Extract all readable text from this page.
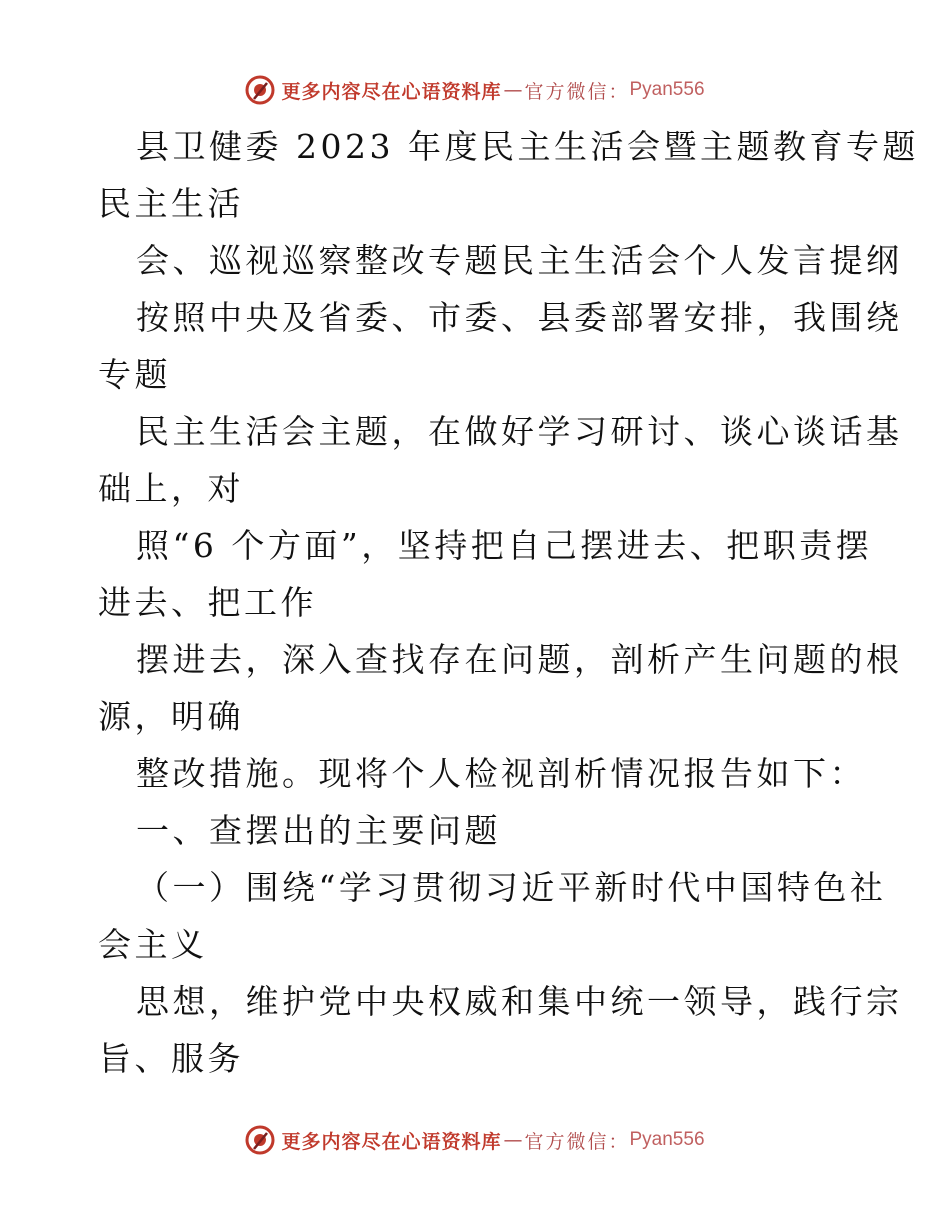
更多内容尽在心语资料库 — 官方微信： Pyan556
县卫健委 2023 年度民主生活会暨主题教育专题
民主生活
会、巡视巡察整改专题民主生活会个人发言提纲
按照中央及省委、市委、县委部署安排，我围绕
专题
民主生活会主题，在做好学习研讨、谈心谈话基
础上，对
照“6 个方面”，坚持把自己摆进去、把职责摆
进去、把工作
摆进去，深入查找存在问题，剖析产生问题的根
源，明确
整改措施。现将个人检视剖析情况报告如下：
一、查摆出的主要问题
（一）围绕“学习贯彻习近平新时代中国特色社
会主义
思想，维护党中央权威和集中统一领导，践行宗
旨、服务
更多内容尽在心语资料库 — 官方微信： Pyan556
